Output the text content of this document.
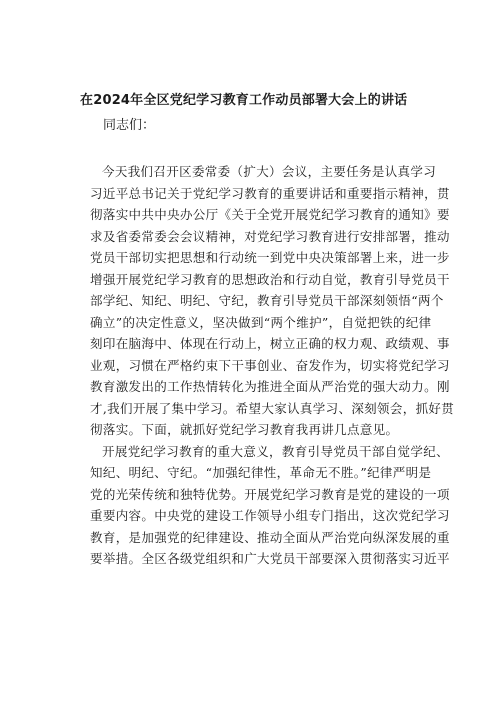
在2024年全区党纪学习教育工作动员部署大会上的讲话
同志们：
今天我们召开区委常委（扩大）会议，主要任务是认真学习
习近平总书记关于党纪学习教育的重要讲话和重要指示精神，贯
彻落实中共中央办公厅《关于全党开展党纪学习教育的通知》要
求及省委常委会会议精神，对党纪学习教育进行安排部署，推动
党员干部切实把思想和行动统一到党中央决策部署上来，进一步
增强开展党纪学习教育的思想政治和行动自觉，教育引导党员干
部学纪、知纪、明纪、守纪，教育引导党员干部深刻领悟“两个
确立”的决定性意义，坚决做到“两个维护”，自觉把铁的纪律
刻印在脑海中、体现在行动上，树立正确的权力观、政绩观、事
业观，习惯在严格约束下干事创业、奋发作为，切实将党纪学习
教育激发出的工作热情转化为推进全面从严治党的强大动力。刚
才,我们开展了集中学习。希望大家认真学习、深刻领会，抓好贯
彻落实。下面，就抓好党纪学习教育我再讲几点意见。
开展党纪学习教育的重大意义，教育引导党员干部自觉学纪、
知纪、明纪、守纪。“加强纪律性，革命无不胜。”纪律严明是
党的光荣传统和独特优势。开展党纪学习教育是党的建设的一项
重要内容。中央党的建设工作领导小组专门指出，这次党纪学习
教育，是加强党的纪律建设、推动全面从严治党向纵深发展的重
要举措。全区各级党组织和广大党员干部要深入贯彻落实习近平
